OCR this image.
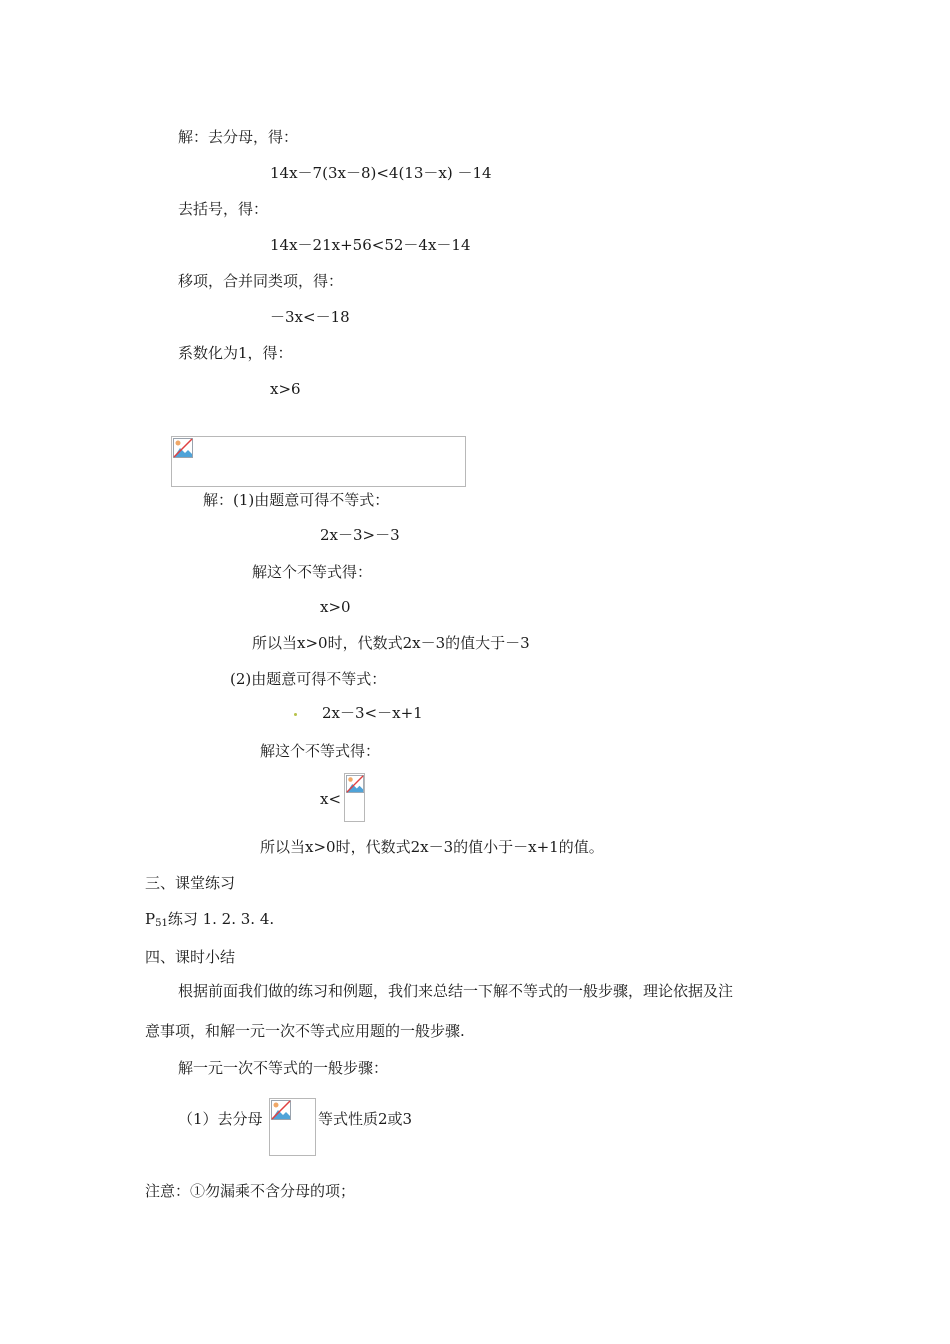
解：去分母，得：
14x－7(3x－8)<4(13－x) －14
去括号，得：
14x－21x+56<52－4x－14
移项，合并同类项，得：
－3x<－18
系数化为1，得：
x>6
解：(1)由题意可得不等式：
2x－3>－3
解这个不等式得：
x>0
所以当x>0时，代数式2x－3的值大于－3
(2)由题意可得不等式：
2x－3<－x+1
解这个不等式得：
x<
所以当x>0时，代数式2x－3的值小于－x+1的值。
三、课堂练习
$P_{51}$练习 1. 2. 3. 4.
四、课时小结
根据前面我们做的练习和例题，我们来总结一下解不等式的一般步骤，理论依据及注
意事项，和解一元一次不等式应用题的一般步骤.
解一元一次不等式的一般步骤：
（1）去分母	等式性质2或3
注意：①勿漏乘不含分母的项；
